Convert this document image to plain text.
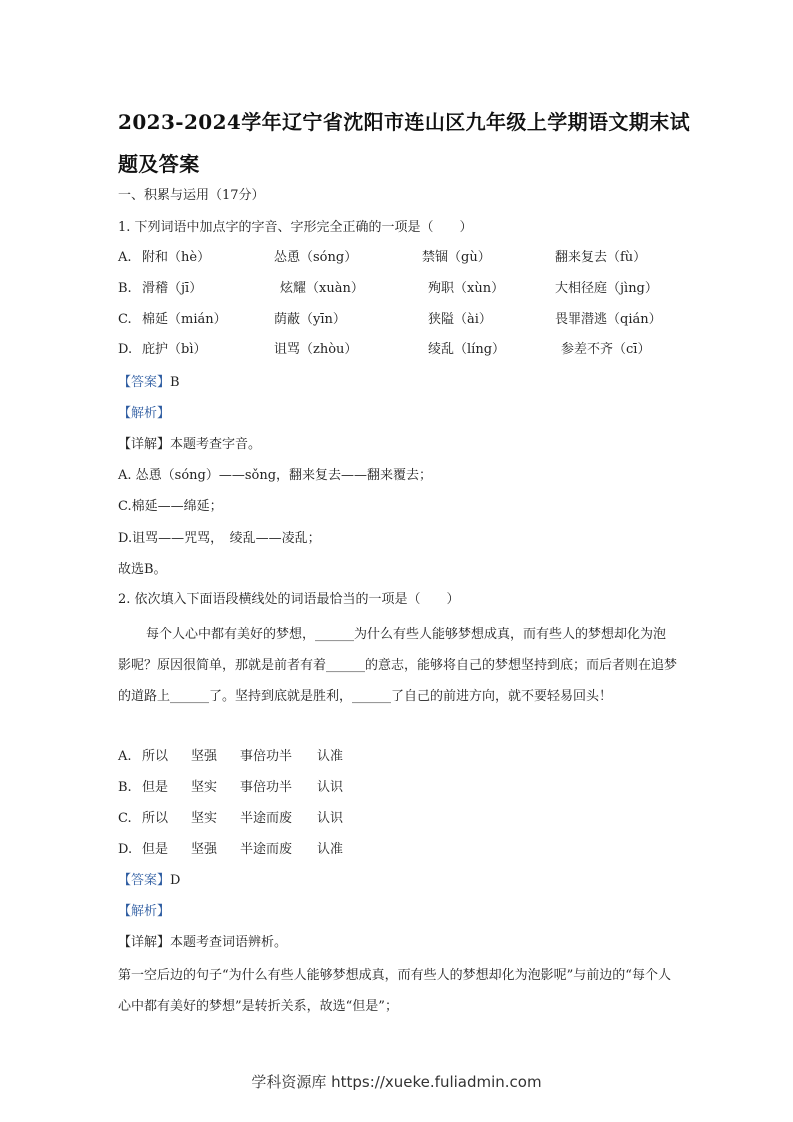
2023-2024学年辽宁省沈阳市连山区九年级上学期语文期末试题及答案
一、积累与运用（17分）
1. 下列词语中加点字的字音、字形完全正确的一项是（　　）
A. 附和（hè）	怂恿（sóng）	禁锢（gù）	翻来复去（fù）
B. 滑稽（jī）	炫耀（xuàn）	殉职（xùn）	大相径庭（jìng）
C. 棉延（mián）	荫蔽（yīn）	狭隘（ài）	畏罪潜逃（qián）
D. 庇护（bì）	诅骂（zhòu）	绫乱（líng）	参差不齐（cī）
【答案】B
【解析】
【详解】本题考查字音。
A. 怂恿（sóng）——sǒng，翻来复去——翻来覆去；
C.棉延——绵延；
D.诅骂——咒骂，　绫乱——凌乱；
故选B。
2. 依次填入下面语段横线处的词语最恰当的一项是（　　）
每个人心中都有美好的梦想，______为什么有些人能够梦想成真，而有些人的梦想却化为泡影呢？原因很简单，那就是前者有着______的意志，能够将自己的梦想坚持到底；而后者则在追梦的道路上______了。坚持到底就是胜利，______了自己的前进方向，就不要轻易回头！
A. 所以 坚强 事倍功半 认准
B. 但是 坚实 事倍功半 认识
C. 所以 坚实 半途而废 认识
D. 但是 坚强 半途而废 认准
【答案】D
【解析】
【详解】本题考查词语辨析。
第一空后边的句子“为什么有些人能够梦想成真，而有些人的梦想却化为泡影呢”与前边的“每个人心中都有美好的梦想”是转折关系，故选“但是”；
学科资源库 https://xueke.fuliadmin.com
